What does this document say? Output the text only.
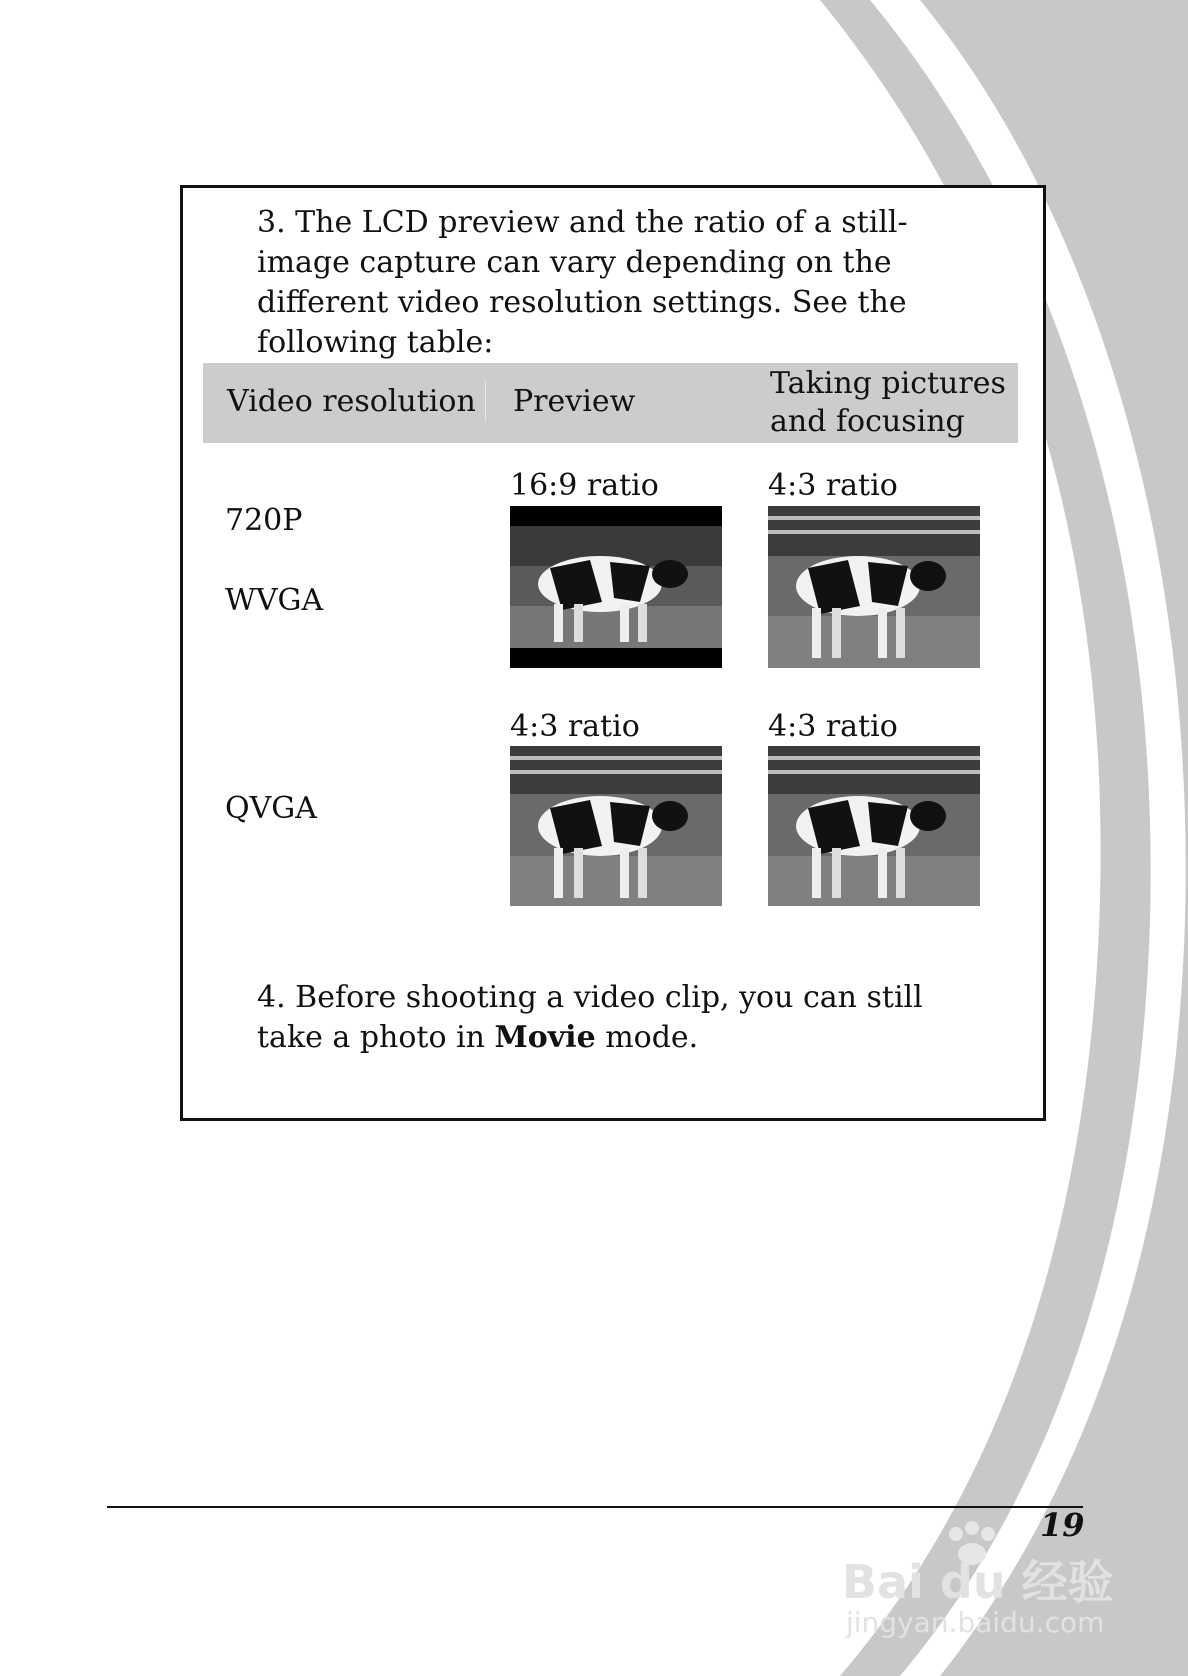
3. The LCD preview and the ratio of a still-image capture can vary depending on the different video resolution settings. See the following table:

Video resolution Preview
Taking pictures and focusing
720P
WVGA
16:9 ratio	4:3 ratio
QVGA
4:3 ratio	4:3 ratio

4. Before shooting a video clip, you can still take a photo in Movie mode.

19
Bai du 经验
jingyan.baidu.com
